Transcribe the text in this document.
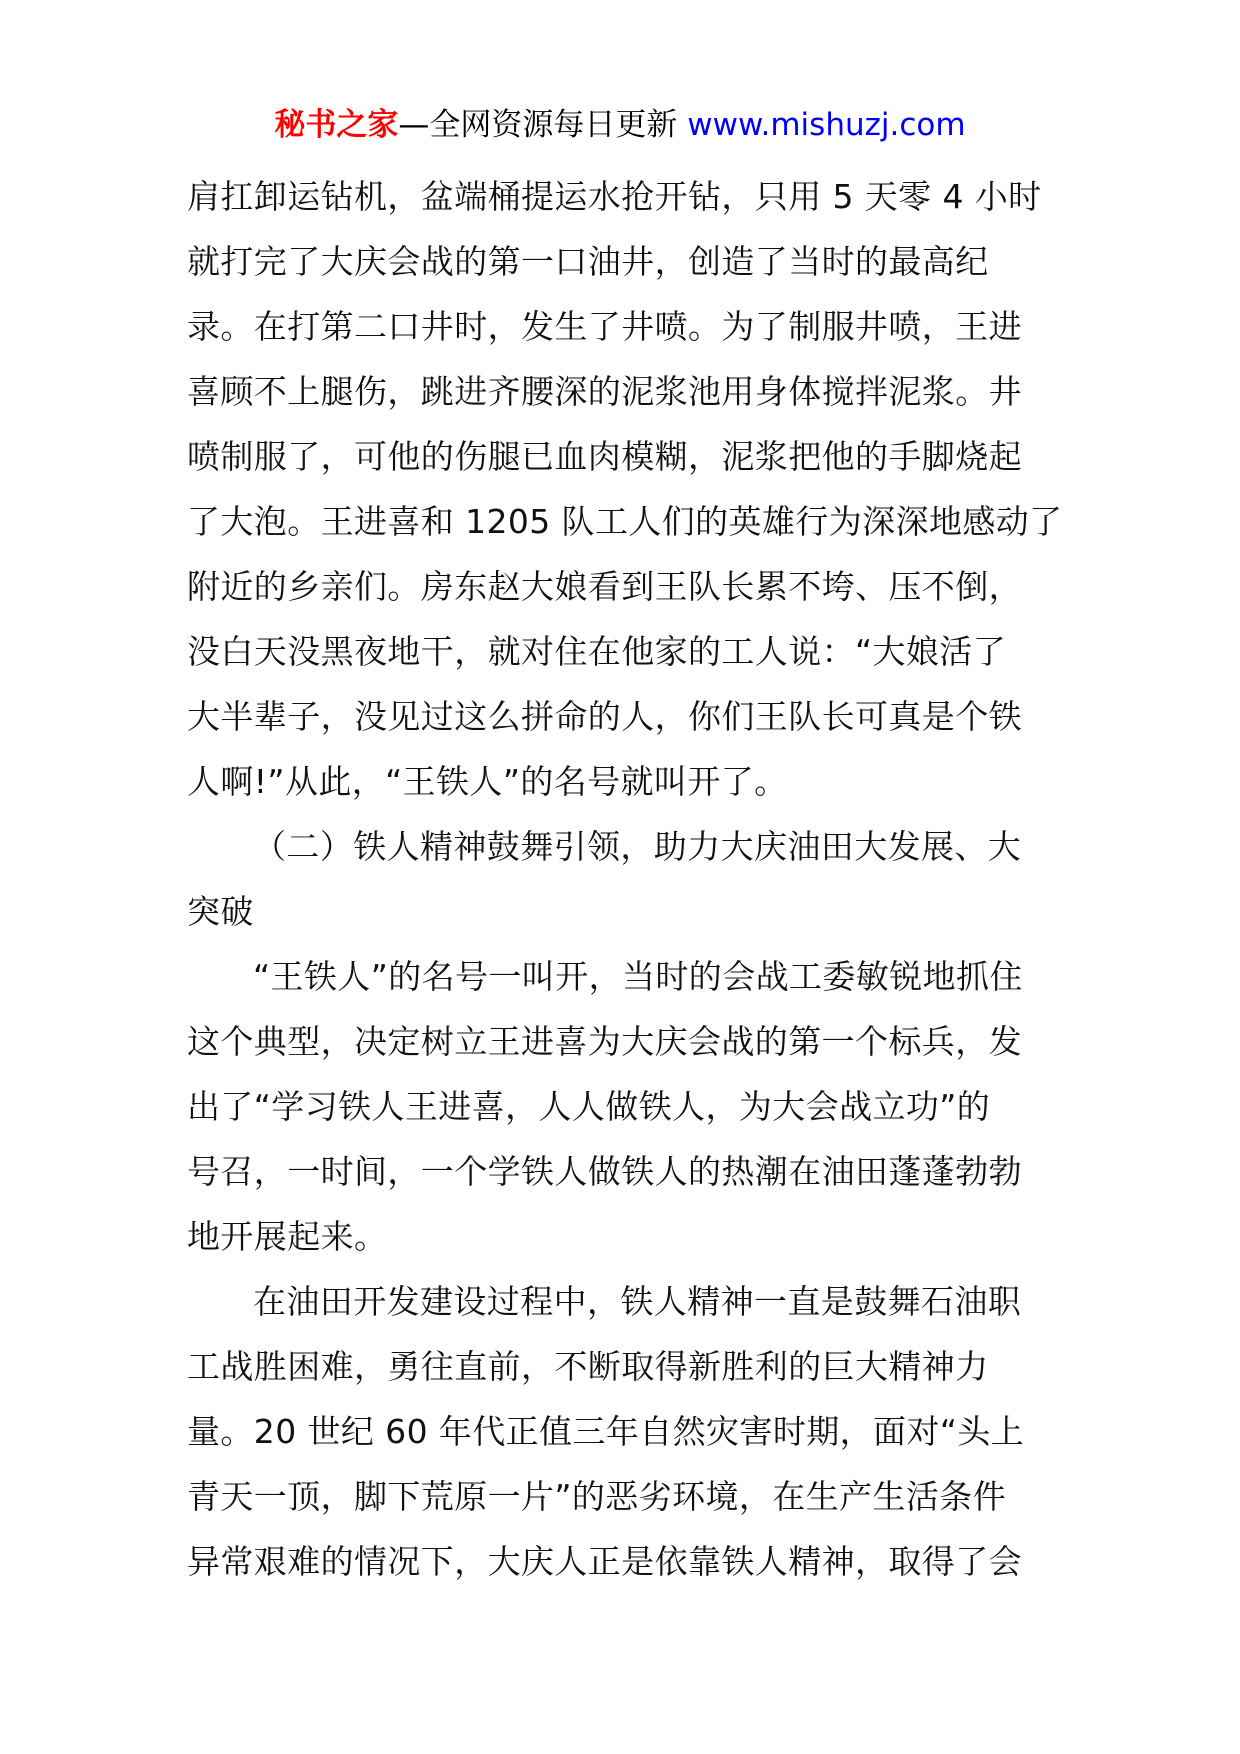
秘书之家—全网资源每日更新 www.mishuzj.com
肩扛卸运钻机，盆端桶提运水抢开钻，只用 5 天零 4 小时
就打完了大庆会战的第一口油井，创造了当时的最高纪
录。在打第二口井时，发生了井喷。为了制服井喷，王进
喜顾不上腿伤，跳进齐腰深的泥浆池用身体搅拌泥浆。井
喷制服了，可他的伤腿已血肉模糊，泥浆把他的手脚烧起
了大泡。王进喜和 1205 队工人们的英雄行为深深地感动了
附近的乡亲们。房东赵大娘看到王队长累不垮、压不倒，
没白天没黑夜地干，就对住在他家的工人说：“大娘活了
大半辈子，没见过这么拼命的人，你们王队长可真是个铁
人啊!”从此，“王铁人”的名号就叫开了。
（二）铁人精神鼓舞引领，助力大庆油田大发展、大
突破
“王铁人”的名号一叫开，当时的会战工委敏锐地抓住
这个典型，决定树立王进喜为大庆会战的第一个标兵，发
出了“学习铁人王进喜，人人做铁人，为大会战立功”的
号召，一时间，一个学铁人做铁人的热潮在油田蓬蓬勃勃
地开展起来。
在油田开发建设过程中，铁人精神一直是鼓舞石油职
工战胜困难，勇往直前，不断取得新胜利的巨大精神力
量。20 世纪 60 年代正值三年自然灾害时期，面对“头上
青天一顶，脚下荒原一片”的恶劣环境，在生产生活条件
异常艰难的情况下，大庆人正是依靠铁人精神，取得了会
